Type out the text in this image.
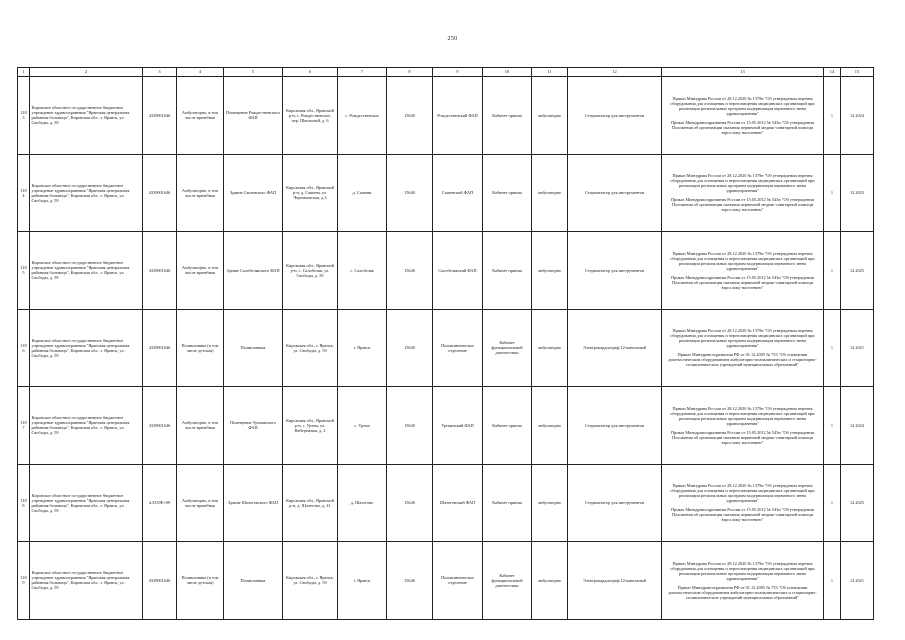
250
1	2	3	4	5	6	7	8	9	10	11	12	13	14	15
1183	Кировское областное государственное бюджетное учреждение здравоохранения "Яранская центральная районная больница", Кировская обл., г. Яранск, ул. Свободы, д. 59	4339001646	Амбулаторно, в том числе врачебная	Помещение Рождественского ФАП	Кировская обл., Яранский р-н, с. Рождественское, пер. Школьный, д. 6	с. Рождественское	15640	Рождественский ФАП	Кабинет приема	амбулаторно	Стерилизатор для инструментов	Приказ Минздрава России от 28.12.2020 № 1379н "Об утверждении перечня оборудования для оснащения и переоснащения медицинских организаций при реализации региональных программ модернизации первичного звена здравоохранения"
Приказ Минздравсоцразвития России от 15.05.2012 № 543н "Об утверждении Положения об организации оказания первичной медико-санитарной помощи взрослому населению"	1	12.2024
1184	Кировское областное государственное бюджетное учреждение здравоохранения "Яранская центральная районная больница", Кировская обл., г. Яранск, ул. Свободы, д. 59	4339001646	Амбулаторно, в том числе врачебная	Здание Сашенского ФАП	Кировская обл., Яранский р-н, д. Сашени, ул. Черемховская, д.3	д. Сашени	15640	Сашенский ФАП	Кабинет приема	амбулаторно	Стерилизатор для инструментов	Приказ Минздрава России от 28.12.2020 № 1379н "Об утверждении перечня оборудования для оснащения и переоснащения медицинских организаций при реализации региональных программ модернизации первичного звена здравоохранения"
Приказ Минздравсоцразвития России от 15.05.2012 № 543н "Об утверждении Положения об организации оказания первичной медико-санитарной помощи взрослому населению"	1	12.2025
1185	Кировское областное государственное бюджетное учреждение здравоохранения "Яранская центральная районная больница", Кировская обл., г. Яранск, ул. Свободы, д. 59	4339001646	Амбулаторно, в том числе врачебная	Здание Салобелякского ФАП	Кировская обл., Яранский р-н, с. Салобеляк, ул. Свободы, д. 59	с. Салобеляк	15640	Салобелякский ФАП	Кабинет приема	амбулаторно	Стерилизатор для инструментов	Приказ Минздрава России от 28.12.2020 № 1379н "Об утверждении перечня оборудования для оснащения и переоснащения медицинских организаций при реализации региональных программ модернизации первичного звена здравоохранения"
Приказ Минздравсоцразвития России от 15.05.2012 № 543н "Об утверждении Положения об организации оказания первичной медико-санитарной помощи взрослому населению"	1	12.2025
1186	Кировское областное государственное бюджетное учреждение здравоохранения "Яранская центральная районная больница", Кировская обл., г. Яранск, ул. Свободы, д. 59	4339001646	Поликлиника (в том числе детская)	Поликлиника	Кировская обл., г. Яранск, ул. Свободы, д. 59	г. Яранск	15640	Поликлиническое отделение	Кабинет функциональной диагностики	амбулаторно	Электрокардиограф 12-канальный	Приказ Минздрава России от 28.12.2020 № 1379н "Об утверждении перечня оборудования для оснащения и переоснащения медицинских организаций при реализации региональных программ модернизации первичного звена здравоохранения"
Приказ Минздравсоцразвития РФ от 01.12.2005 № 753 "Об оснащении диагностическим оборудованием амбулаторно-поликлинических и стационарно-поликлинических учреждений муниципальных образований"	1	12.2021
1187	Кировское областное государственное бюджетное учреждение здравоохранения "Яранская центральная районная больница", Кировская обл., г. Яранск, ул. Свободы, д. 59	4339001646	Амбулаторно, в том числе врачебная	Помещение Уртманского ФАП	Кировская обл., Яранский р-н, с. Уртма, ул. Набережная, д. 2	с. Уртма	15640	Уртманский ФАП	Кабинет приема	амбулаторно	Стерилизатор для инструментов	Приказ Минздрава России от 28.12.2020 № 1379н "Об утверждении перечня оборудования для оснащения и переоснащения медицинских организаций при реализации региональных программ модернизации первичного звена здравоохранения"
Приказ Минздравсоцразвития России от 15.05.2012 № 543н "Об утверждении Положения об организации оказания первичной медико-санитарной помощи взрослому населению"	1	12.2024
1188	Кировское областное государственное бюджетное учреждение здравоохранения "Яранская центральная районная больница", Кировская обл., г. Яранск, ул. Свободы, д. 59	4,3339E+09	Амбулаторно, в том числе врачебная	Здание Шалеговского ФАП	Кировская обл., Яранский р-н, д. Шалегово, д. 41	д. Шалегово	15640	Шалеговский ФАП	Кабинет приема	амбулаторно	Стерилизатор для инструментов	Приказ Минздрава России от 28.12.2020 № 1379н "Об утверждении перечня оборудования для оснащения и переоснащения медицинских организаций при реализации региональных программ модернизации первичного звена здравоохранения"
Приказ Минздравсоцразвития России от 15.05.2012 № 543н "Об утверждении Положения об организации оказания первичной медико-санитарной помощи взрослому населению"	1	12.2025
1189	Кировское областное государственное бюджетное учреждение здравоохранения "Яранская центральная районная больница", Кировская обл., г. Яранск, ул. Свободы, д. 59	4339001646	Поликлиника (в том числе детская)	Поликлиника	Кировская обл., г. Яранск, ул. Свободы, д. 59	г. Яранск	15640	Поликлиническое отделение	Кабинет функциональной диагностики	амбулаторно	Электрокардиограф 12-канальный	Приказ Минздрава России от 28.12.2020 № 1379н "Об утверждении перечня оборудования для оснащения и переоснащения медицинских организаций при реализации региональных программ модернизации первичного звена здравоохранения"
Приказ Минздравсоцразвития РФ от 01.12.2005 № 753 "Об оснащении диагностическим оборудованием амбулаторно-поликлинических и стационарно-поликлинических учреждений муниципальных образований"	1	12.2021
